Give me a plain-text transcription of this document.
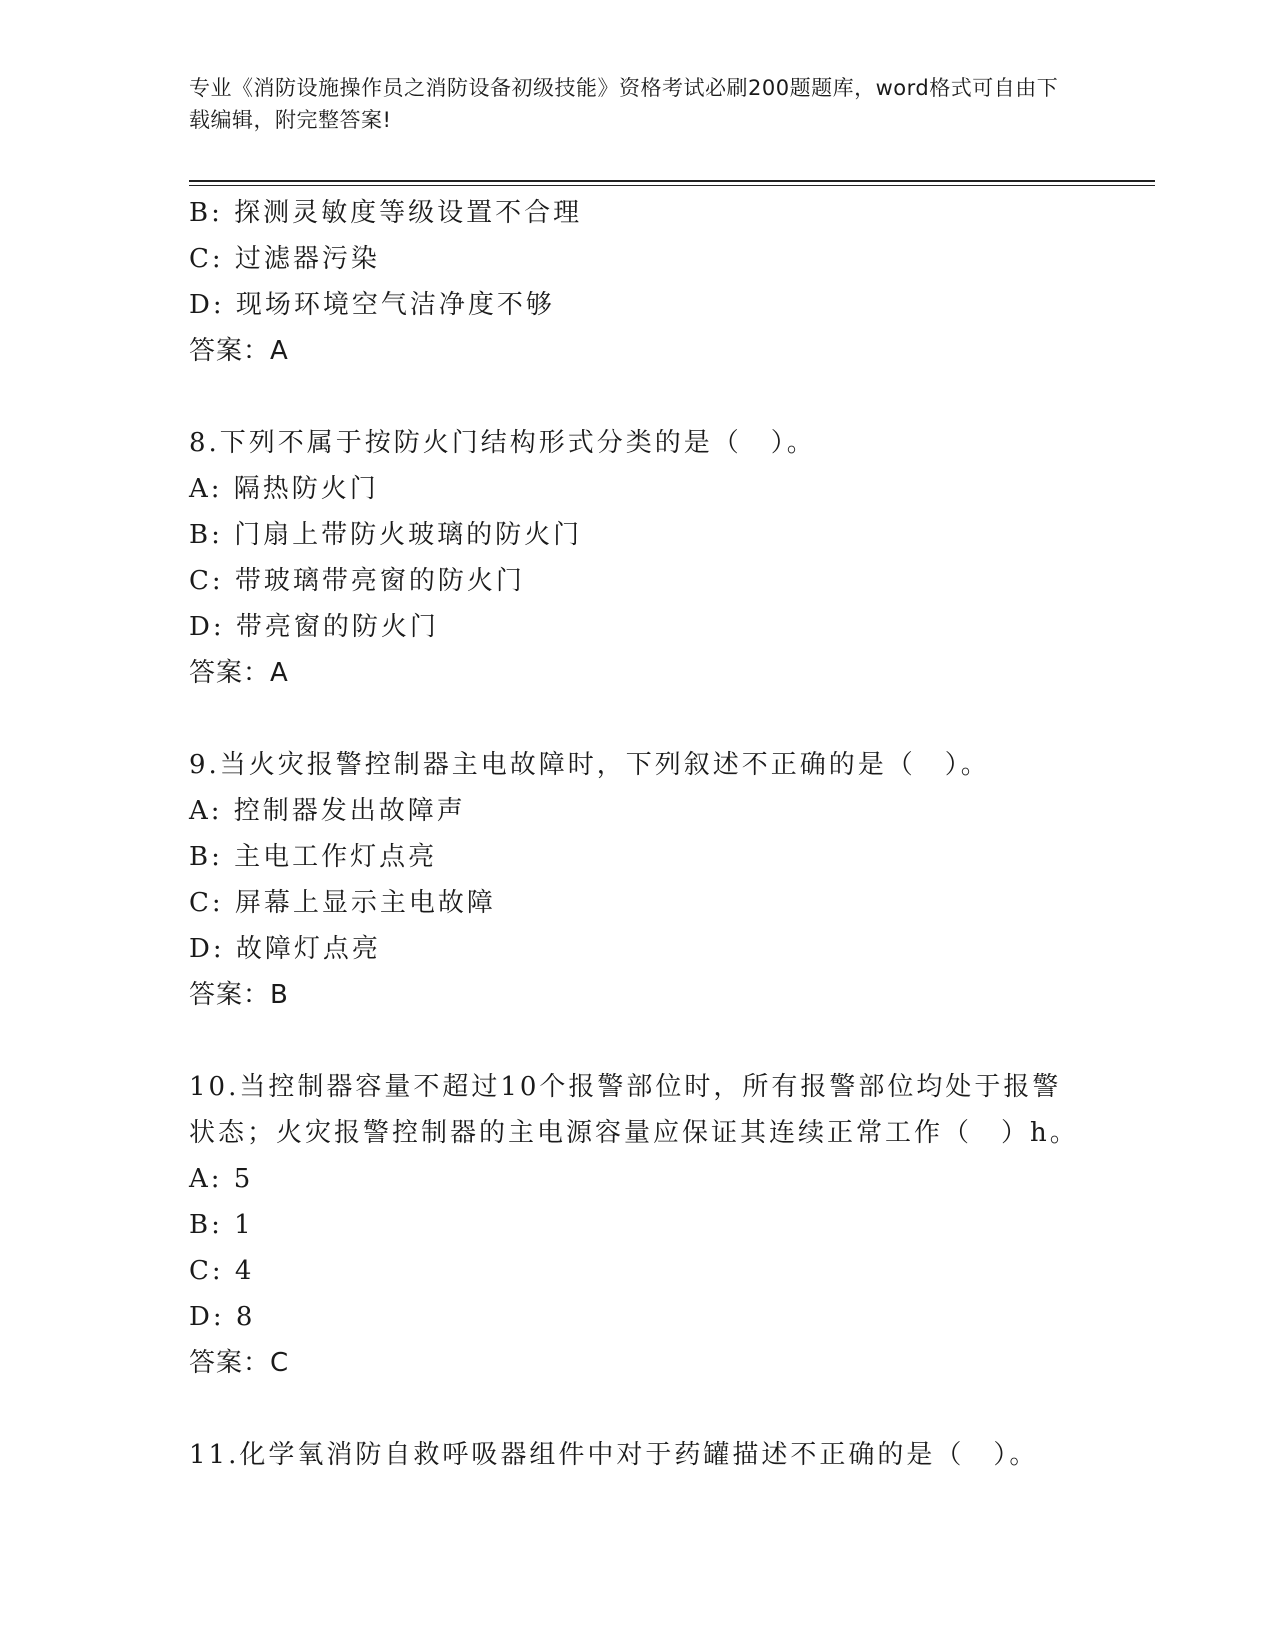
专业《消防设施操作员之消防设备初级技能》资格考试必刷200题题库，word格式可自由下载编辑，附完整答案!
B: 探测灵敏度等级设置不合理
C: 过滤器污染
D: 现场环境空气洁净度不够
答案：A
8.下列不属于按防火门结构形式分类的是（　）。
A: 隔热防火门
B: 门扇上带防火玻璃的防火门
C: 带玻璃带亮窗的防火门
D: 带亮窗的防火门
答案：A
9.当火灾报警控制器主电故障时，下列叙述不正确的是（　）。
A: 控制器发出故障声
B: 主电工作灯点亮
C: 屏幕上显示主电故障
D: 故障灯点亮
答案：B
10.当控制器容量不超过10个报警部位时，所有报警部位均处于报警
状态；火灾报警控制器的主电源容量应保证其连续正常工作（　）h。
A: 5
B: 1
C: 4
D: 8
答案：C
11.化学氧消防自救呼吸器组件中对于药罐描述不正确的是（　）。
